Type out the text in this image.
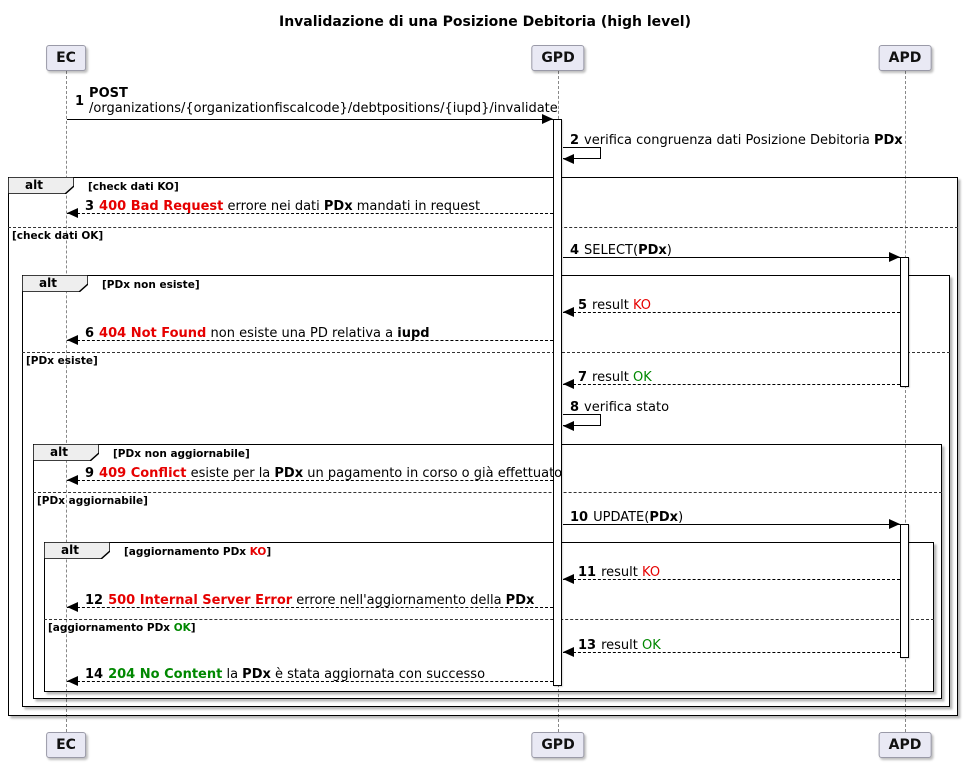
Invalidazione di una Posizione Debitoria (high level)
EC	GPD	APD
alt
alt
alt
alt
[check dati KO]
[PDx non esiste]
[PDx non aggiornabile]
[aggiornamento PDx KO]
[check dati OK]
[PDx esiste]
[PDx aggiornabile]
[aggiornamento PDx OK]
1
POST
/organizations/{organizationfiscalcode}/debtpositions/{iupd}/invalidate
2 verifica congruenza dati Posizione Debitoria PDx
3 400 Bad Request errore nei dati PDx mandati in request
4 SELECT(PDx)
5 result KO
6 404 Not Found non esiste una PD relativa a iupd
7 result OK
8 verifica stato
9 409 Conflict esiste per la PDx un pagamento in corso o già effettuato
10 UPDATE(PDx)
11 result KO
12 500 Internal Server Error errore nell'aggiornamento della PDx
13 result OK
14 204 No Content la PDx è stata aggiornata con successo
EC	GPD	APD
